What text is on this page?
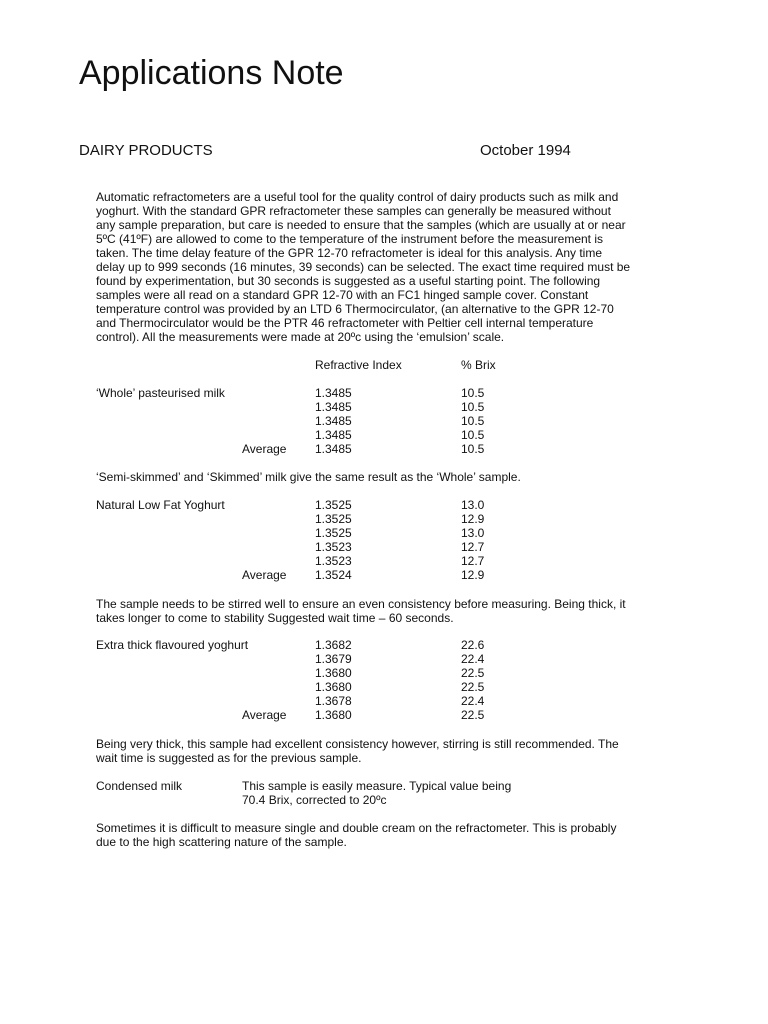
Applications Note
DAIRY PRODUCTS	October 1994
Automatic refractometers are a useful tool for the quality control of dairy products such as milk and
yoghurt. With the standard GPR refractometer these samples can generally be measured without
any sample preparation, but care is needed to ensure that the samples (which are usually at or near
5ºC (41ºF) are allowed to come to the temperature of the instrument before the measurement is
taken. The time delay feature of the GPR 12-70 refractometer is ideal for this analysis. Any time
delay up to 999 seconds (16 minutes, 39 seconds) can be selected. The exact time required must be
found by experimentation, but 30 seconds is suggested as a useful starting point. The following
samples were all read on a standard GPR 12-70 with an FC1 hinged sample cover. Constant
temperature control was provided by an LTD 6 Thermocirculator, (an alternative to the GPR 12-70
and Thermocirculator would be the PTR 46 refractometer with Peltier cell internal temperature
control). All the measurements were made at 20ºc using the ‘emulsion’ scale.
Refractive Index	% Brix
‘Whole’ pasteurised milk	1.3485	10.5
1.3485	10.5
1.3485	10.5
1.3485	10.5
Average 1.3485	10.5
‘Semi-skimmed’ and ‘Skimmed’ milk give the same result as the ‘Whole’ sample.
Natural Low Fat Yoghurt	1.3525	13.0
1.3525	12.9
1.3525	13.0
1.3523	12.7
1.3523	12.7
Average 1.3524	12.9
The sample needs to be stirred well to ensure an even consistency before measuring. Being thick, it
takes longer to come to stability Suggested wait time – 60 seconds.
Extra thick flavoured yoghurt	1.3682	22.6
1.3679	22.4
1.3680	22.5
1.3680	22.5
1.3678	22.4
Average 1.3680	22.5
Being very thick, this sample had excellent consistency however, stirring is still recommended. The
wait time is suggested as for the previous sample.
Condensed milk	This sample is easily measure. Typical value being
70.4 Brix, corrected to 20ºc
Sometimes it is difficult to measure single and double cream on the refractometer. This is probably
due to the high scattering nature of the sample.
